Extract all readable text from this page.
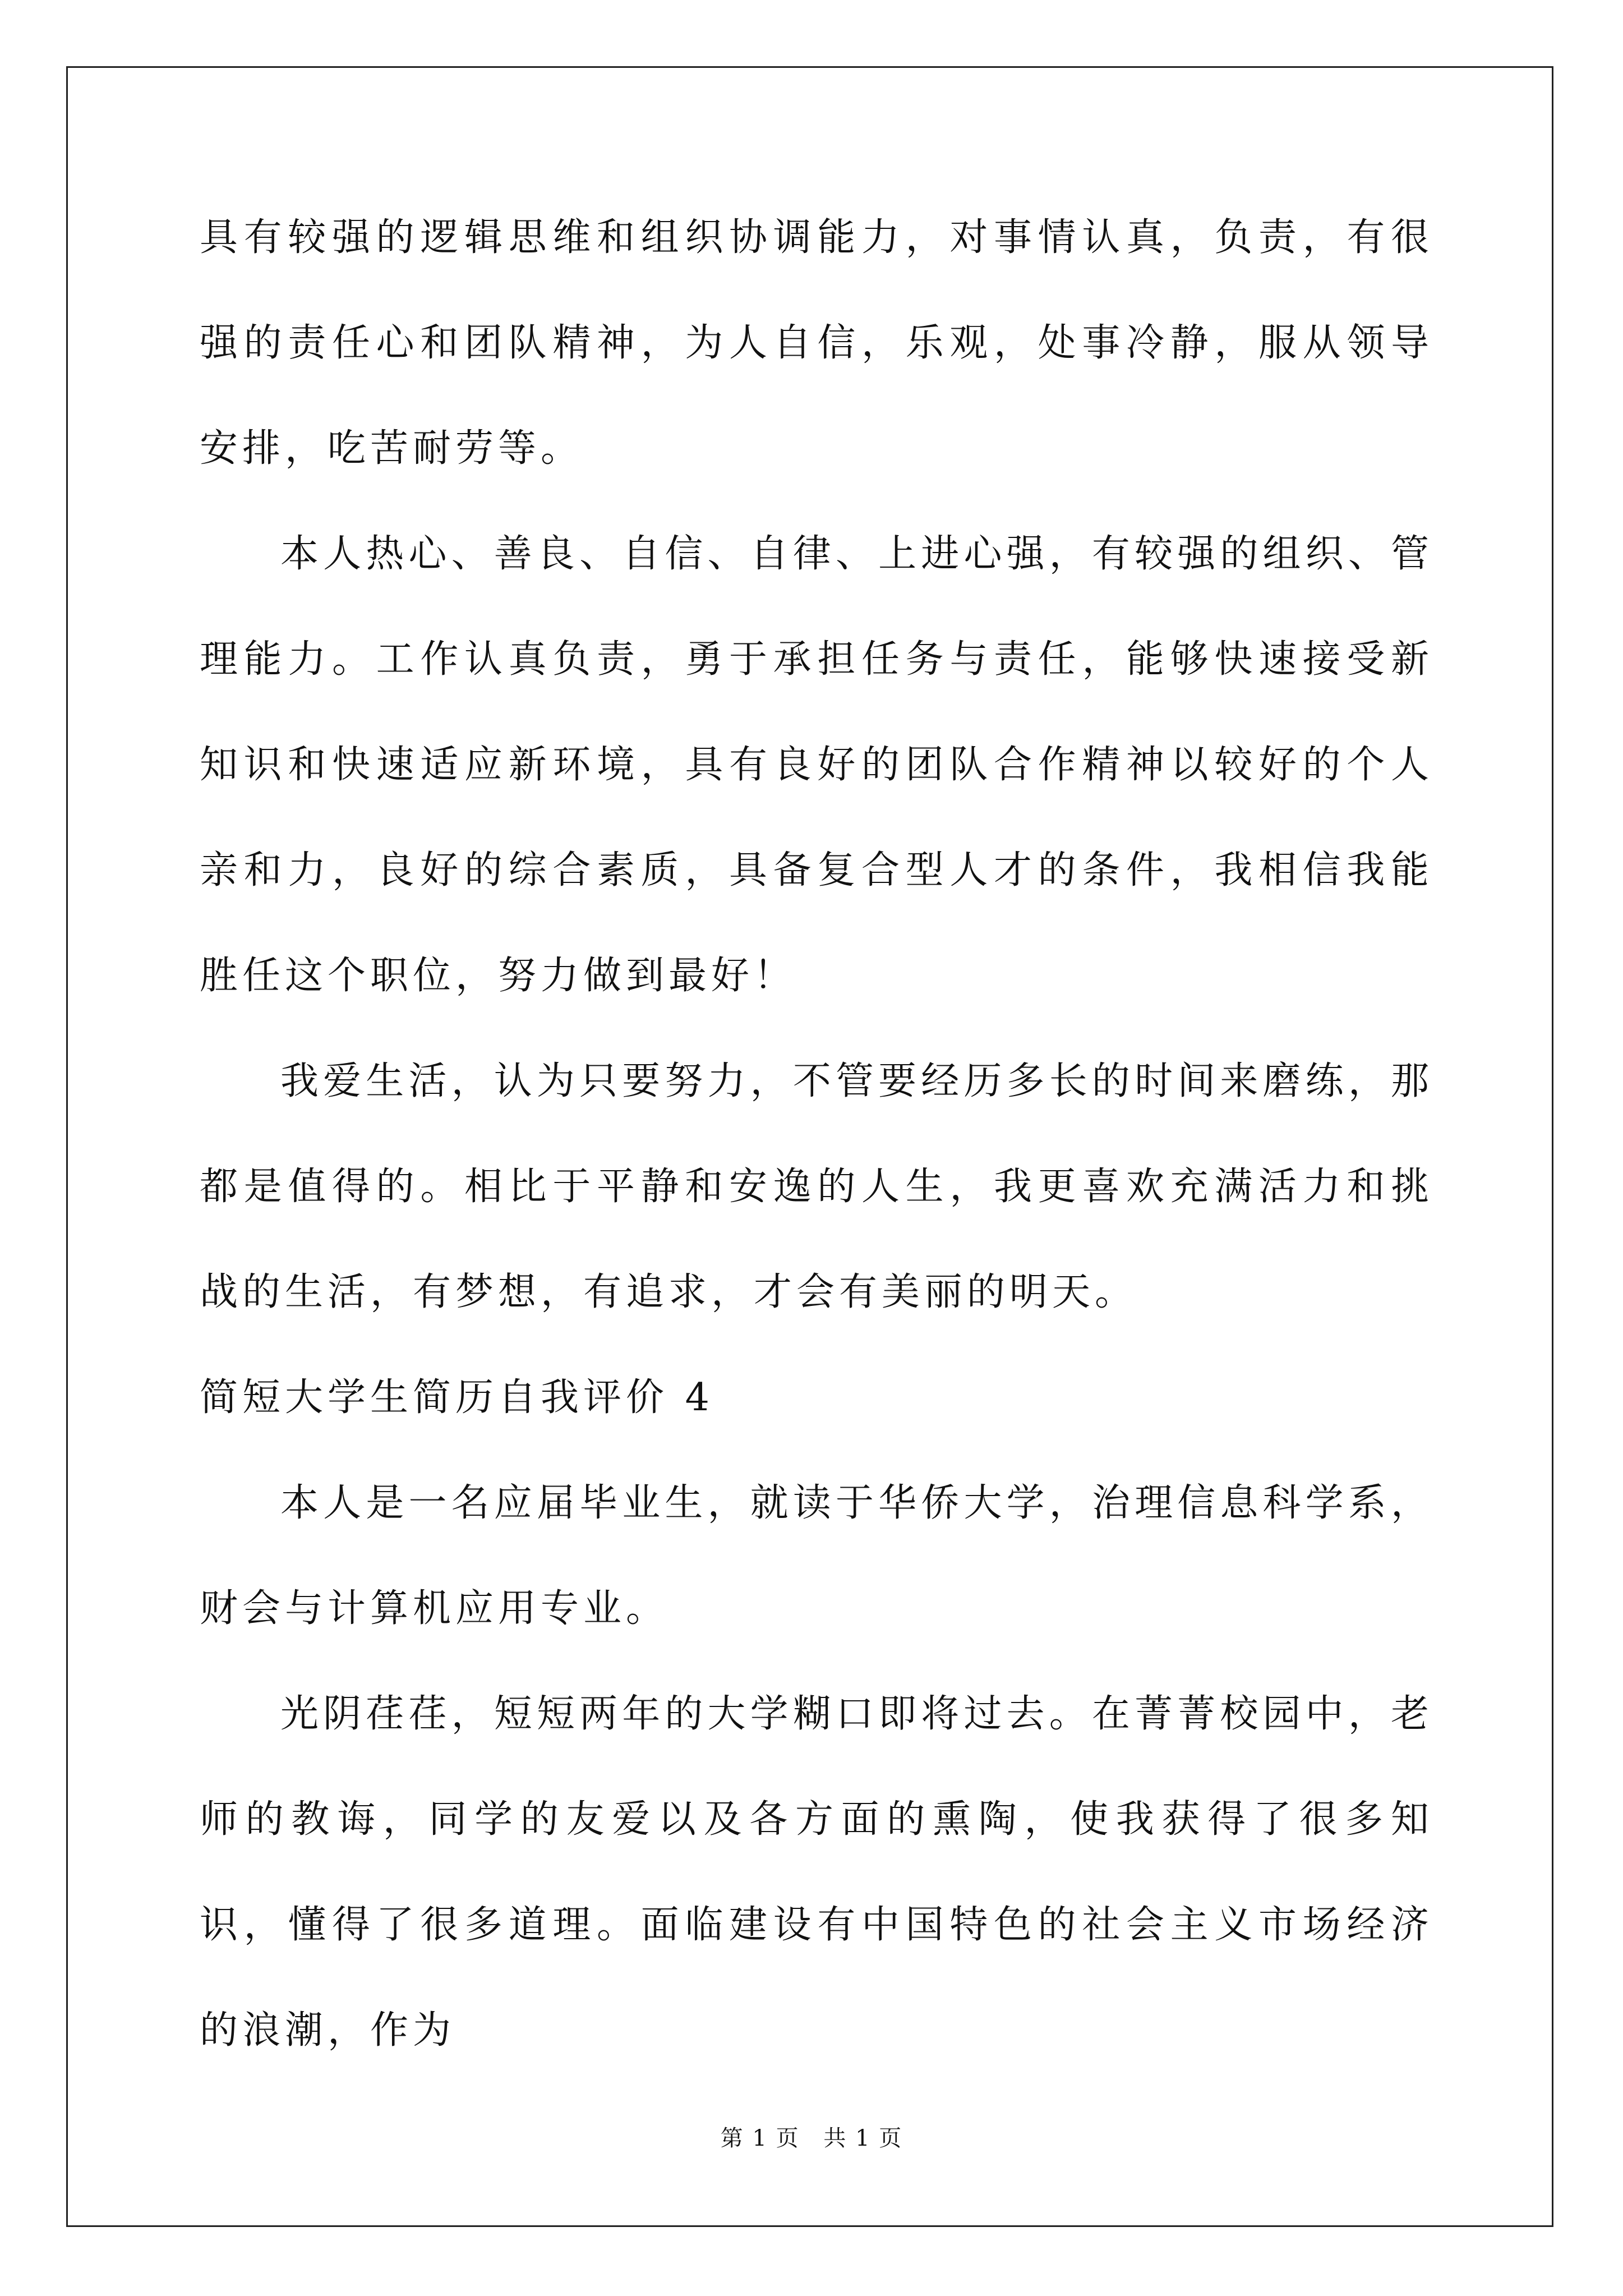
具有较强的逻辑思维和组织协调能力，对事情认真，负责，有很强的责任心和团队精神，为人自信，乐观，处事冷静，服从领导安排，吃苦耐劳等。

本人热心、善良、自信、自律、上进心强，有较强的组织、管理能力。工作认真负责，勇于承担任务与责任，能够快速接受新知识和快速适应新环境，具有良好的团队合作精神以较好的个人亲和力，良好的综合素质，具备复合型人才的条件，我相信我能胜任这个职位，努力做到最好！

我爱生活，认为只要努力，不管要经历多长的时间来磨练，那都是值得的。相比于平静和安逸的人生，我更喜欢充满活力和挑战的生活，有梦想，有追求，才会有美丽的明天。

简短大学生简历自我评价 4

本人是一名应届毕业生，就读于华侨大学，治理信息科学系，财会与计算机应用专业。

光阴荏荏，短短两年的大学糊口即将过去。在菁菁校园中，老师的教诲，同学的友爱以及各方面的熏陶，使我获得了很多知识，懂得了很多道理。面临建设有中国特色的社会主义市场经济的浪潮，作为

第 1 页 共 1 页
